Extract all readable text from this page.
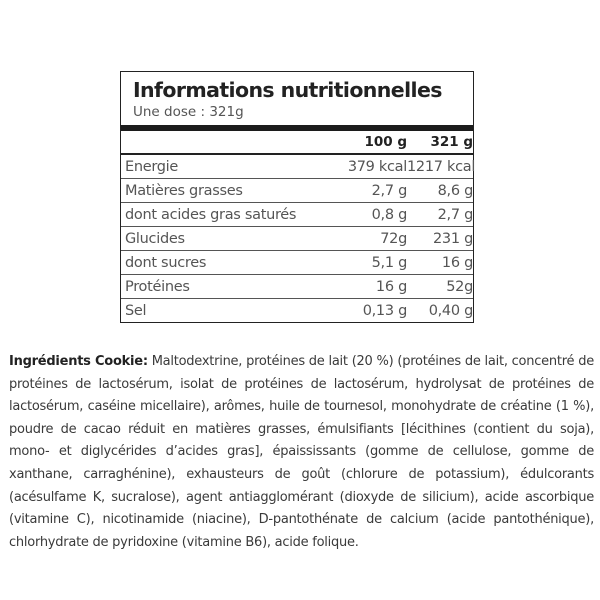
Informations nutritionnelles
Une dose : 321g
100 g	321 g
Energie	379 kcal 1217 kcal
Matières grasses	2,7 g	8,6 g
dont acides gras saturés	0,8 g	2,7 g
Glucides	72g	231 g
dont sucres	5,1 g	16 g
Protéines	16 g	52g
Sel	0,13 g	0,40 g
Ingrédients Cookie: Maltodextrine, protéines de lait (20 %) (protéines de lait, concentré de protéines de lactosérum, isolat de protéines de lactosérum, hydrolysat de protéines de lactosérum, caséine micellaire), arômes, huile de tournesol, monohydrate de créatine (1 %), poudre de cacao réduit en matières grasses, émulsifiants [lécithines (contient du soja), mono- et diglycérides d’acides gras], épaississants (gomme de cellulose, gomme de xanthane, carraghénine), exhausteurs de goût (chlorure de potassium), édulcorants (acésulfame K, sucralose), agent antiagglomérant (dioxyde de silicium), acide ascorbique (vitamine C), nicotinamide (niacine), D-pantothénate de calcium (acide pantothénique), chlorhydrate de pyridoxine (vitamine B6), acide folique.
